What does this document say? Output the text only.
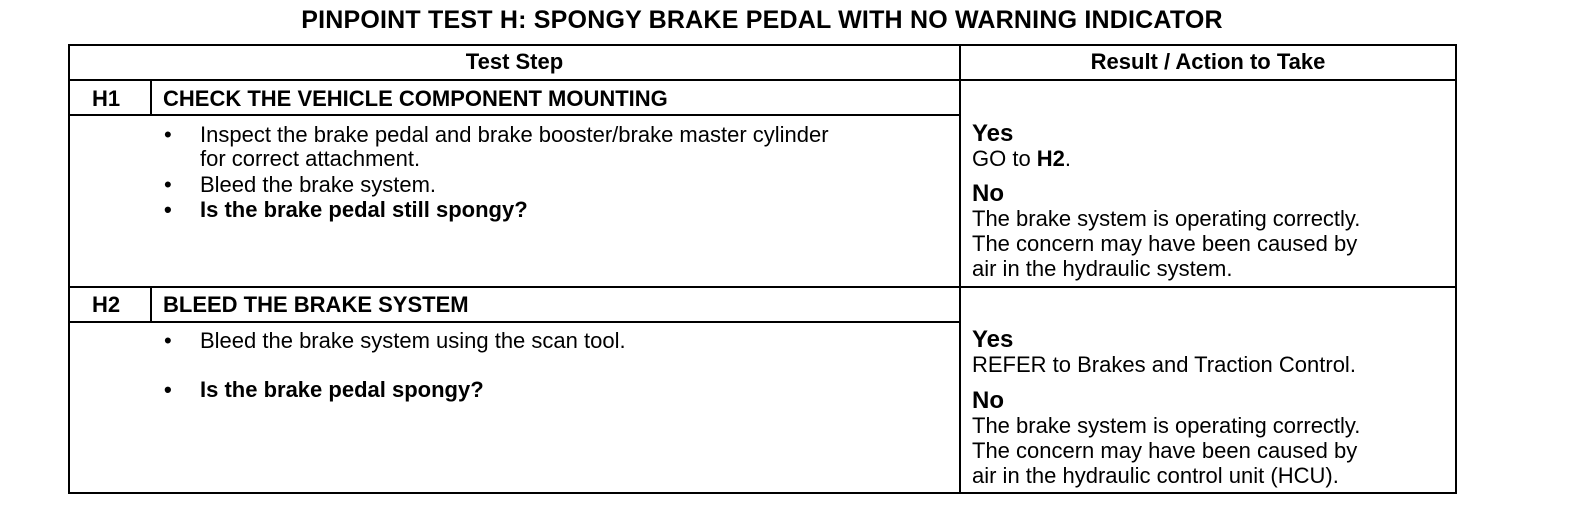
PINPOINT TEST H: SPONGY BRAKE PEDAL WITH NO WARNING INDICATOR
Test Step	Result / Action to Take
H1 CHECK THE VEHICLE COMPONENT MOUNTING
• Inspect the brake pedal and brake booster/brake master cylinder
for correct attachment.
• Bleed the brake system.
• Is the brake pedal still spongy?
Yes
GO to H2.
No
The brake system is operating correctly.
The concern may have been caused by
air in the hydraulic system.
H2 BLEED THE BRAKE SYSTEM
• Bleed the brake system using the scan tool.
• Is the brake pedal spongy?
Yes
REFER to Brakes and Traction Control.
No
The brake system is operating correctly.
The concern may have been caused by
air in the hydraulic control unit (HCU).
